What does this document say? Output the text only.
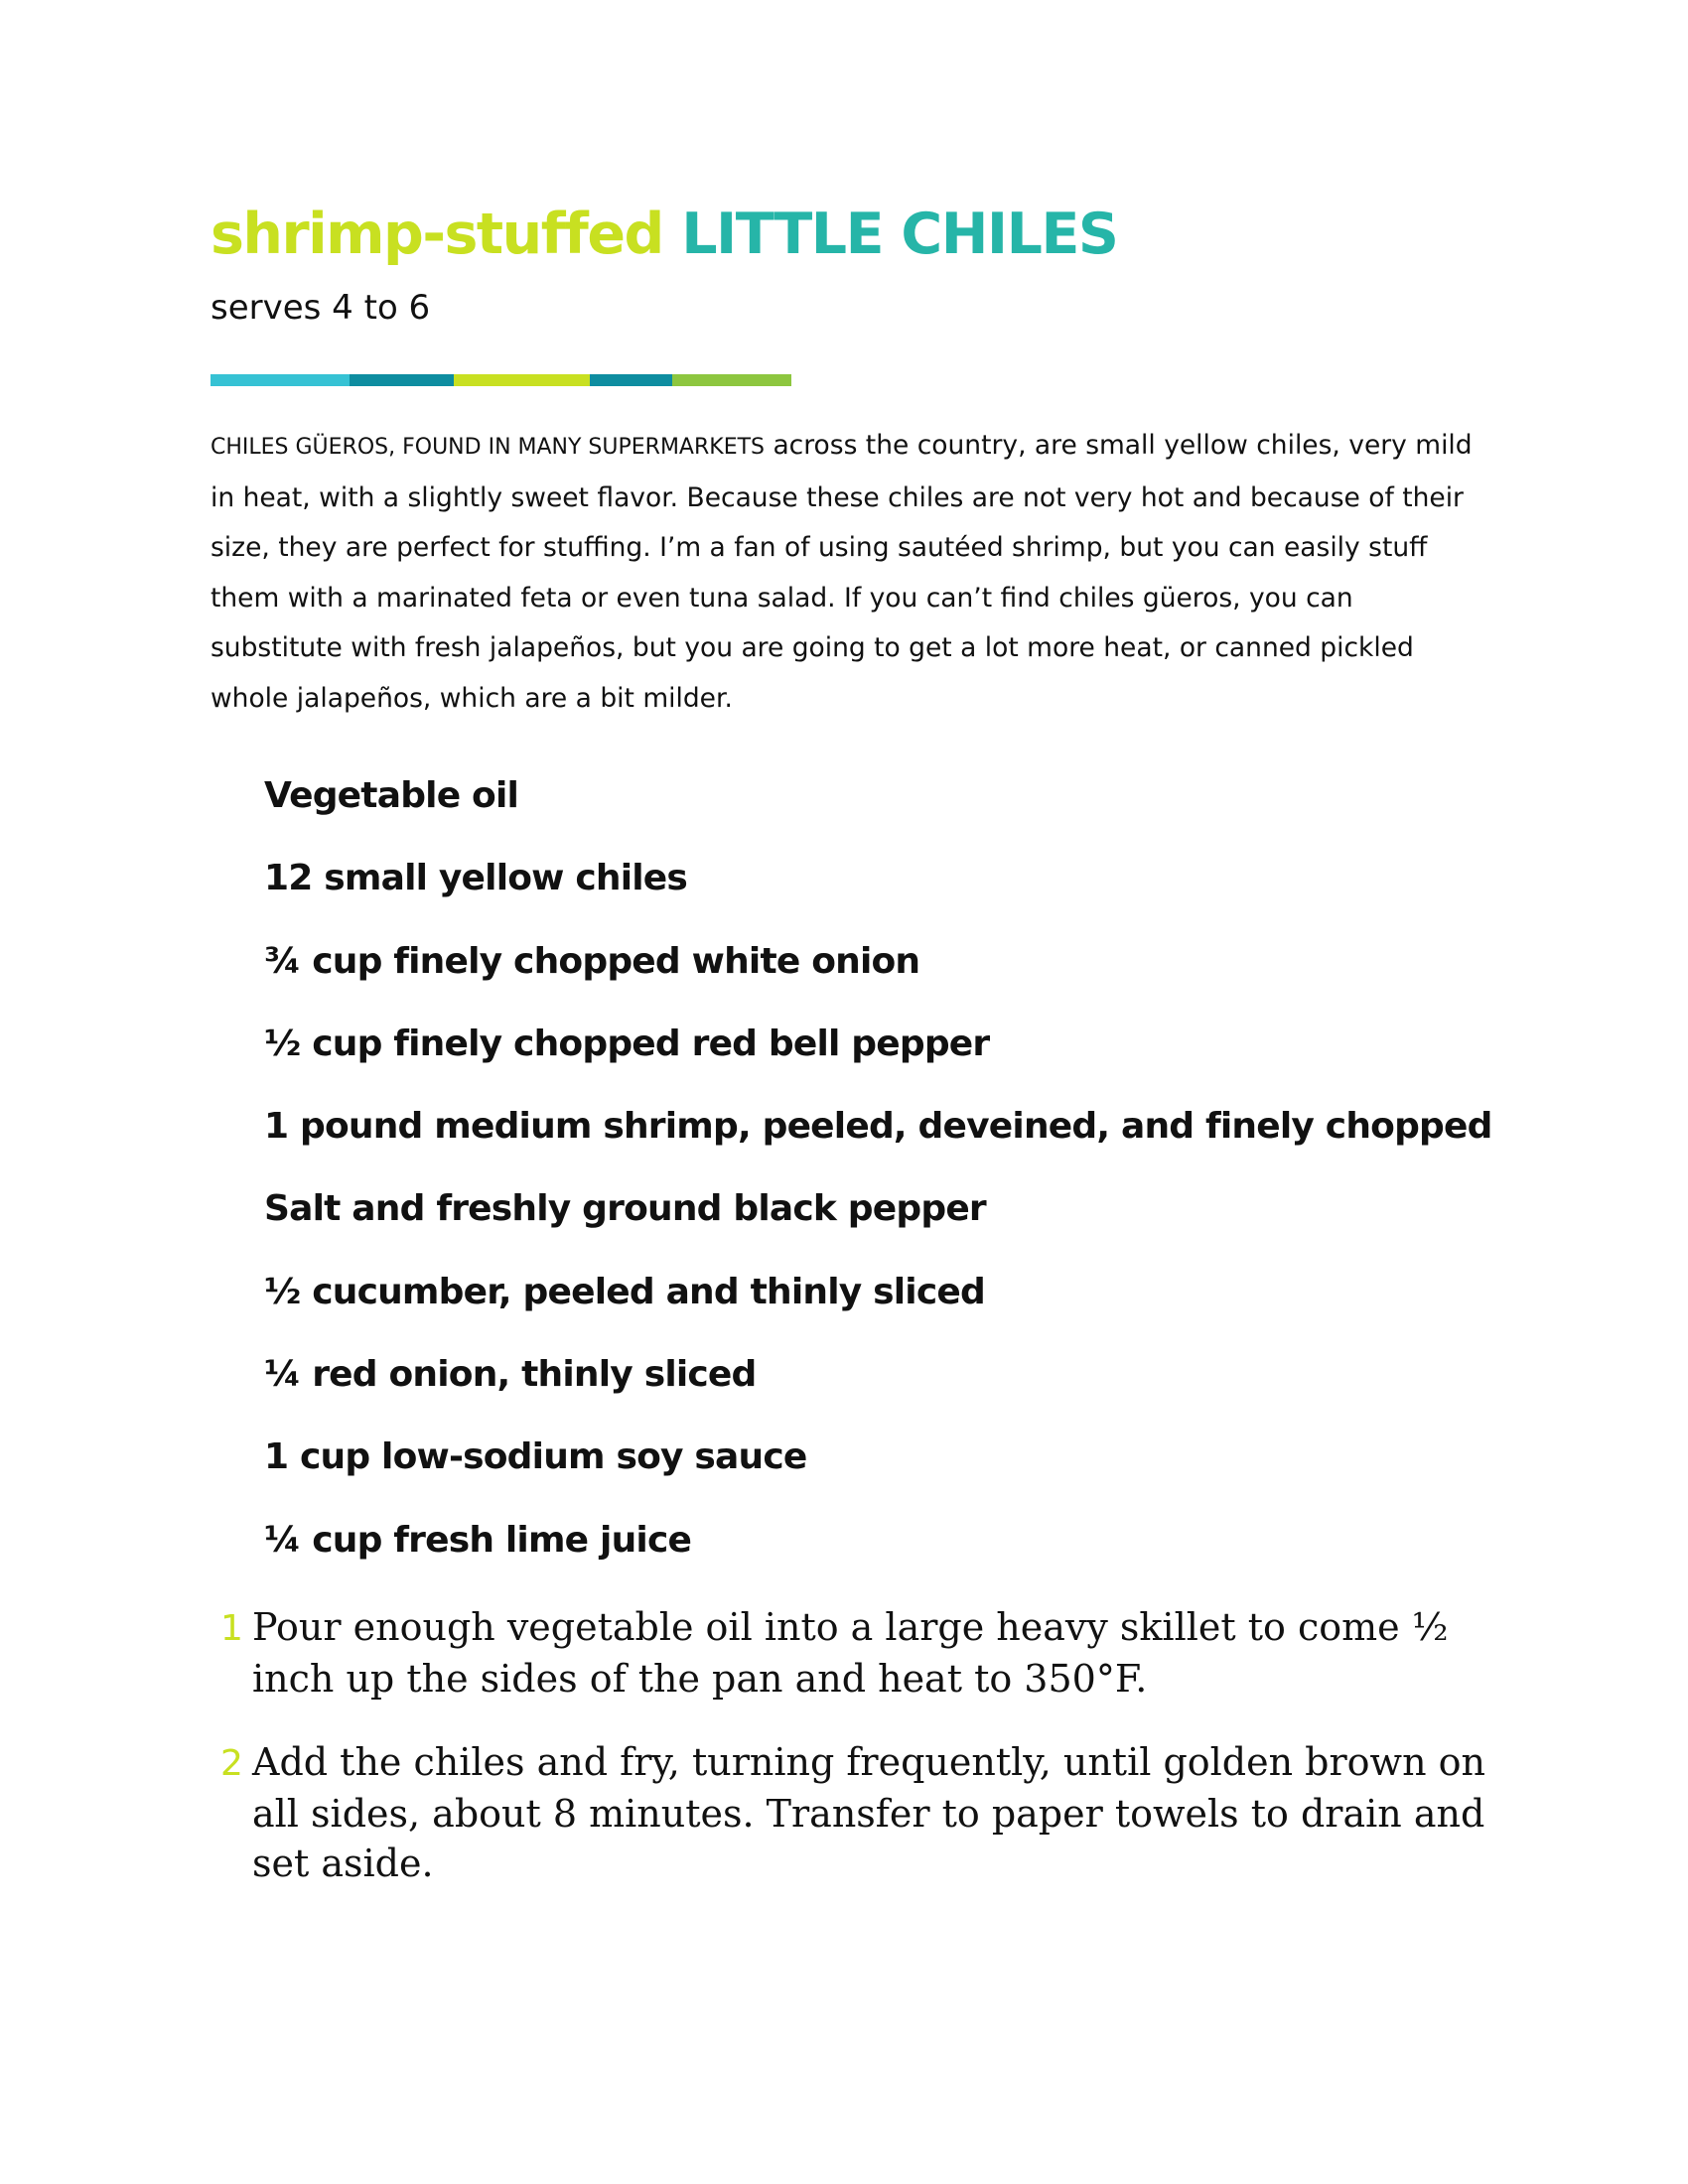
shrimp-stuffed LITTLE CHILES

serves 4 to 6

CHILES GÜEROS, FOUND IN MANY SUPERMARKETS across the country, are small yellow chiles, very mild in heat, with a slightly sweet flavor. Because these chiles are not very hot and because of their size, they are perfect for stuffing. I’m a fan of using sautéed shrimp, but you can easily stuff them with a marinated feta or even tuna salad. If you can’t find chiles güeros, you can substitute with fresh jalapeños, but you are going to get a lot more heat, or canned pickled whole jalapeños, which are a bit milder.

Vegetable oil
12 small yellow chiles
¾ cup finely chopped white onion
½ cup finely chopped red bell pepper
1 pound medium shrimp, peeled, deveined, and finely chopped
Salt and freshly ground black pepper
½ cucumber, peeled and thinly sliced
¼ red onion, thinly sliced
1 cup low-sodium soy sauce
¼ cup fresh lime juice
1 Pour enough vegetable oil into a large heavy skillet to come ½ inch up the sides of the pan and heat to 350°F.
2 Add the chiles and fry, turning frequently, until golden brown on all sides, about 8 minutes. Transfer to paper towels to drain and set aside.
